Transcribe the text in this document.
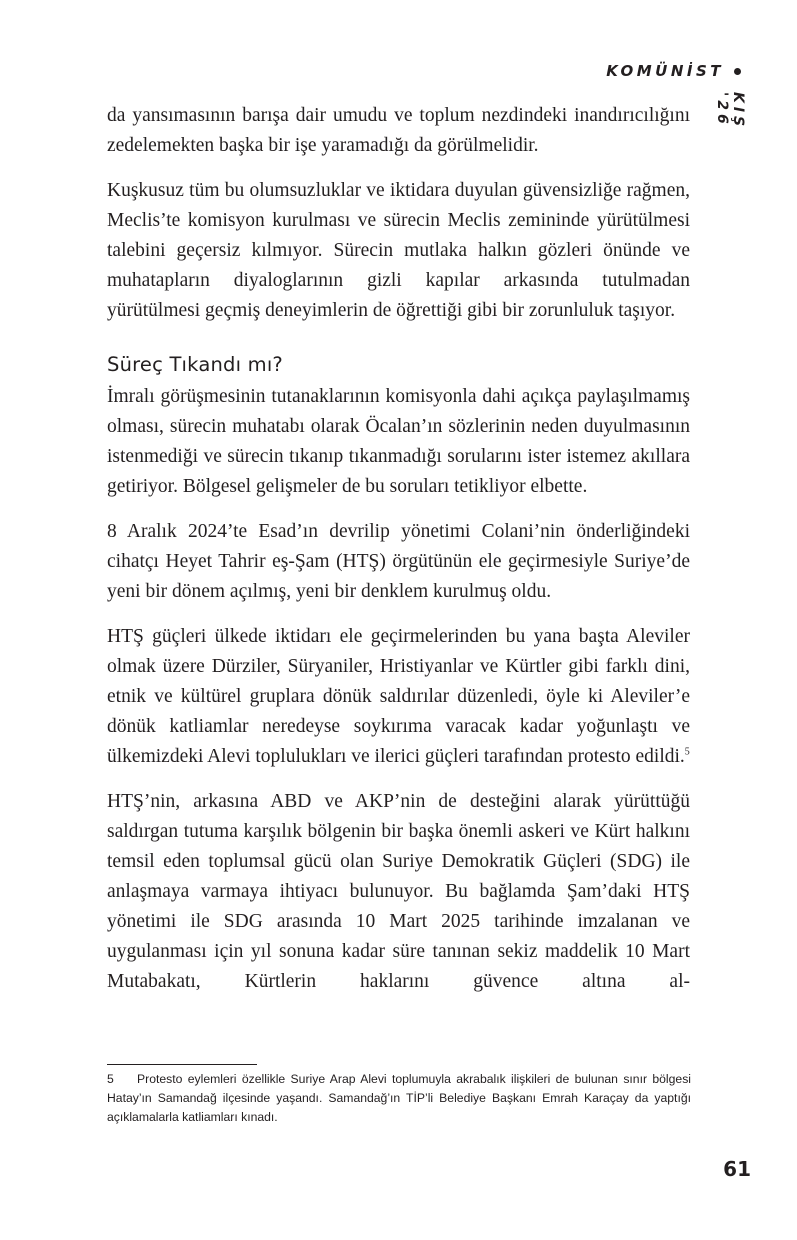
KOMÜNİST
KIŞ '26

da yansımasının barışa dair umudu ve toplum nezdindeki inandırıcılığını zedelemekten başka bir işe yaramadığı da görülmelidir.

Kuşkusuz tüm bu olumsuzluklar ve iktidara duyulan güvensizliğe rağmen, Meclis’te komisyon kurulması ve sürecin Meclis zemininde yürütülmesi talebini geçersiz kılmıyor. Sürecin mutlaka halkın gözleri önünde ve muhatapların diyaloglarının gizli kapılar arkasında tutulmadan yürütülmesi geçmiş deneyimlerin de öğrettiği gibi bir zorunluluk taşıyor.

Süreç Tıkandı mı?

İmralı görüşmesinin tutanaklarının komisyonla dahi açıkça paylaşılmamış olması, sürecin muhatabı olarak Öcalan’ın sözlerinin neden duyulmasının istenmediği ve sürecin tıkanıp tıkanmadığı sorularını ister istemez akıllara getiriyor. Bölgesel gelişmeler de bu soruları tetikliyor elbette.

8 Aralık 2024’te Esad’ın devrilip yönetimi Colani’nin önderliğindeki cihatçı Heyet Tahrir eş-Şam (HTŞ) örgütünün ele geçirmesiyle Suriye’de yeni bir dönem açılmış, yeni bir denklem kurulmuş oldu.

HTŞ güçleri ülkede iktidarı ele geçirmelerinden bu yana başta Aleviler olmak üzere Dürziler, Süryaniler, Hristiyanlar ve Kürtler gibi farklı dini, etnik ve kültürel gruplara dönük saldırılar düzenledi, öyle ki Aleviler’e dönük katliamlar neredeyse soykırıma varacak kadar yoğunlaştı ve ülkemizdeki Alevi toplulukları ve ilerici güçleri tarafından protesto edildi.$^5$

HTŞ’nin, arkasına ABD ve AKP’nin de desteğini alarak yürüttüğü saldırgan tutuma karşılık bölgenin bir başka önemli askeri ve Kürt halkını temsil eden toplumsal gücü olan Suriye Demokratik Güçleri (SDG) ile anlaşmaya varmaya ihtiyacı bulunuyor. Bu bağlamda Şam’daki HTŞ yönetimi ile SDG arasında 10 Mart 2025 tarihinde imzalanan ve uygulanması için yıl sonuna kadar süre tanınan sekiz maddelik 10 Mart Mutabakatı, Kürtlerin haklarını güvence altına al-

5 Protesto eylemleri özellikle Suriye Arap Alevi toplumuyla akrabalık ilişkileri de bulunan sınır bölgesi Hatay’ın Samandağ ilçesinde yaşandı. Samandağ’ın TİP’li Belediye Başkanı Emrah Karaçay da yaptığı açıklamalarla katliamları kınadı.
61
